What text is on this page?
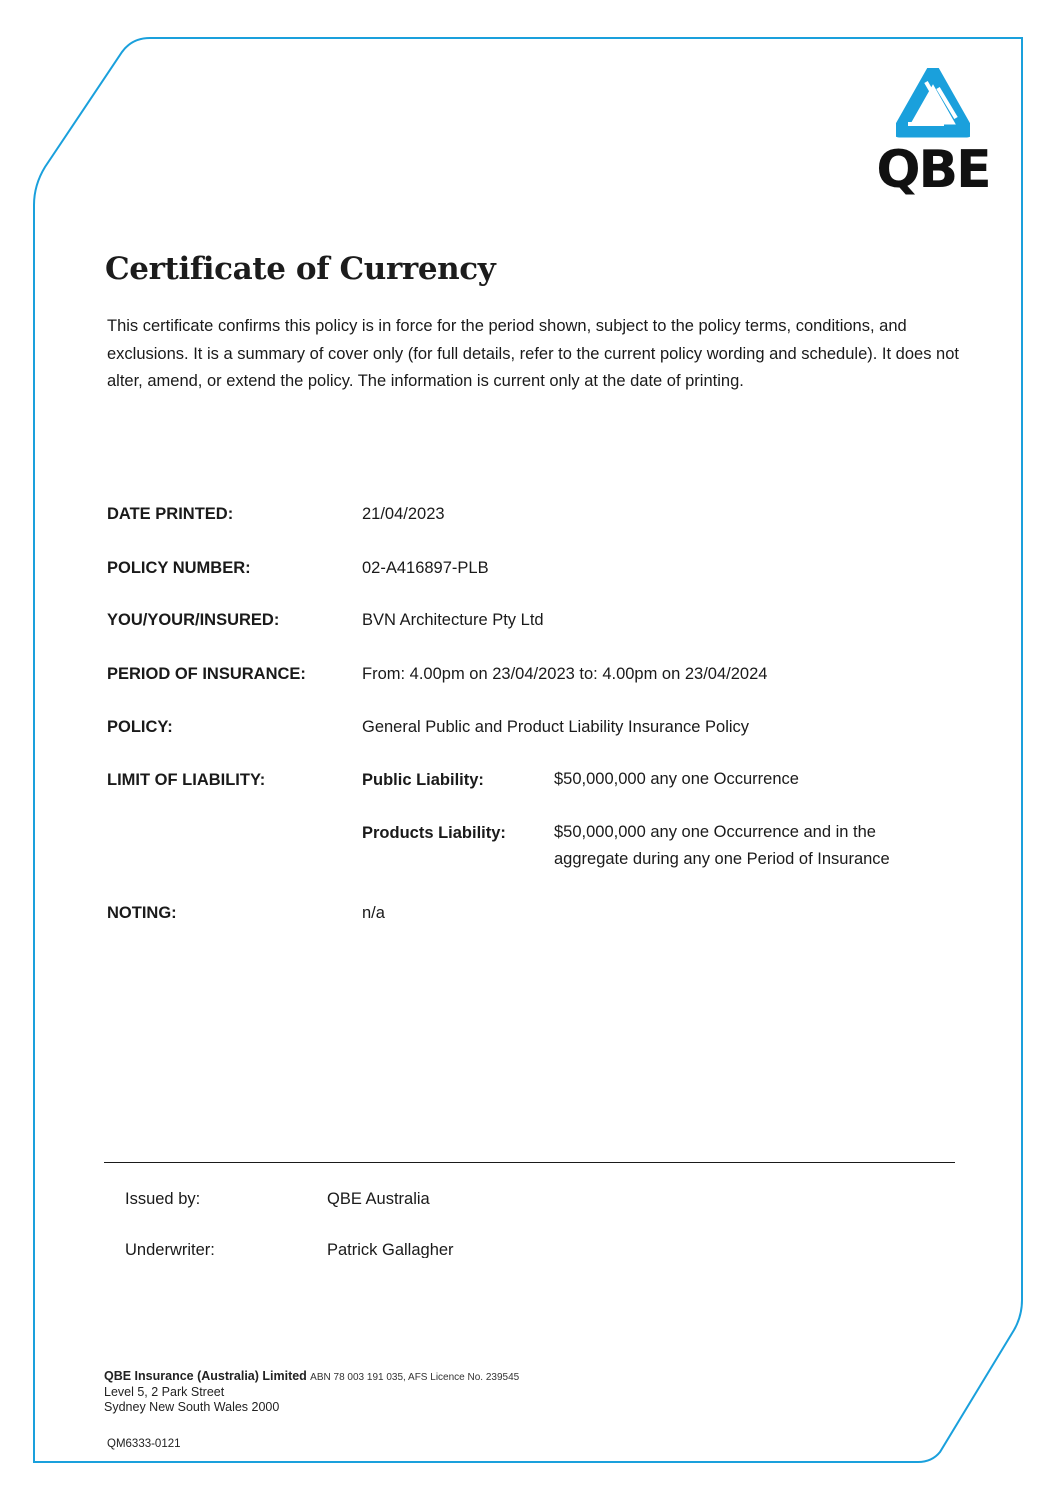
QBE
Certificate of Currency

This certificate confirms this policy is in force for the period shown, subject to the policy terms, conditions, and exclusions. It is a summary of cover only (for full details, refer to the current policy wording and schedule). It does not alter, amend, or extend the policy. The information is current only at the date of printing.

DATE PRINTED:	21/04/2023
POLICY NUMBER:	02-A416897-PLB
YOU/YOUR/INSURED:	BVN Architecture Pty Ltd
PERIOD OF INSURANCE:	From: 4.00pm on 23/04/2023 to: 4.00pm on 23/04/2024
POLICY:	General Public and Product Liability Insurance Policy
LIMIT OF LIABILITY:	Public Liability:	$50,000,000 any one Occurrence
Products Liability:	$50,000,000 any one Occurrence and in the aggregate during any one Period of Insurance
NOTING:	n/a
Issued by:	QBE Australia
Underwriter:	Patrick Gallagher
QBE Insurance (Australia) Limited ABN 78 003 191 035, AFS Licence No. 239545
Level 5, 2 Park Street
Sydney New South Wales 2000
QM6333-0121
